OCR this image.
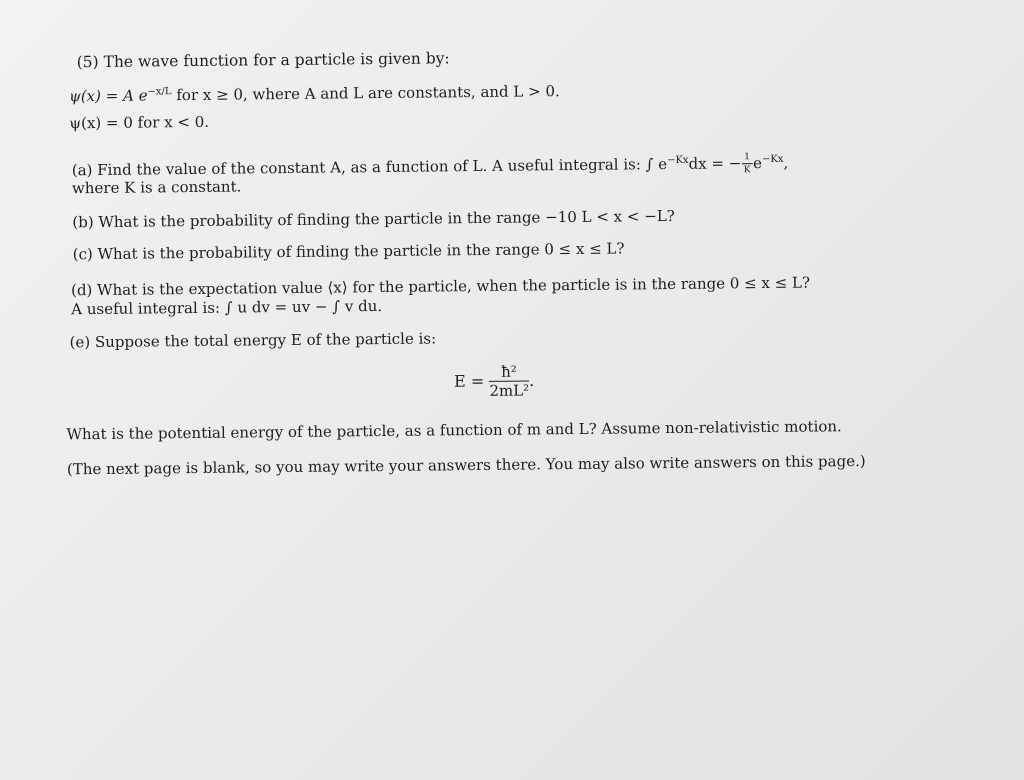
(5) The wave function for a particle is given by:
ψ(x) = A $e^{-x/L}$ for x ≥ 0, where A and L are constants, and L > 0.
ψ(x) = 0 for x < 0.
(a) Find the value of the constant A, as a function of L. A useful integral is: ∫ $e^{-Kx}dx$ = − $\frac{1}{K} e^{-Kx}$,
where K is a constant.
(b) What is the probability of finding the particle in the range −10 L < x < −L?
(c) What is the probability of finding the particle in the range 0 ≤ x ≤ L?
(d) What is the expectation value ⟨x⟩ for the particle, when the particle is in the range 0 ≤ x ≤ L?
A useful integral is: ∫ u dv = uv − ∫ v du.
(e) Suppose the total energy E of the particle is:
$E = \frac{\text{ħ²}}{\text{2mL²}}$ .
What is the potential energy of the particle, as a function of m and L? Assume non-relativistic motion.
(The next page is blank, so you may write your answers there. You may also write answers on this page.)
